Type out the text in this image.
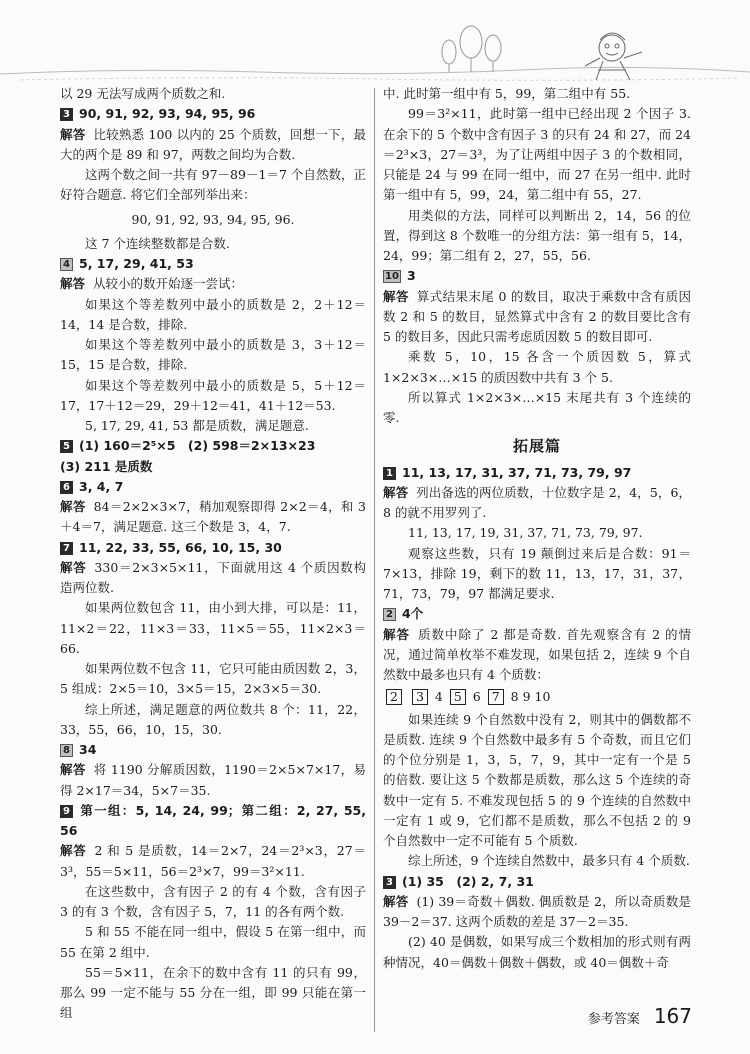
以 29 无法写成两个质数之和.

3 90, 91, 92, 93, 94, 95, 96

解答 比较熟悉 100 以内的 25 个质数，回想一下，最大的两个是 89 和 97，两数之间均为合数.

这两个数之间一共有 97－89－1＝7 个自然数，正好符合题意. 将它们全部列举出来：

90, 91, 92, 93, 94, 95, 96.

这 7 个连续整数都是合数.

4 5, 17, 29, 41, 53

解答 从较小的数开始逐一尝试：

如果这个等差数列中最小的质数是 2，2＋12＝14，14 是合数，排除.

如果这个等差数列中最小的质数是 3，3＋12＝15，15 是合数，排除.

如果这个等差数列中最小的质数是 5，5＋12＝17，17＋12＝29，29＋12＝41，41＋12＝53.

5, 17, 29, 41, 53 都是质数，满足题意.

5 (1) 160＝2⁵×5　(2) 598＝2×13×23

(3) 211 是质数

6 3, 4, 7

解答 84＝2×2×3×7，稍加观察即得 2×2＝4，和 3＋4＝7，满足题意. 这三个数是 3，4，7.

7 11, 22, 33, 55, 66, 10, 15, 30

解答 330＝2×3×5×11，下面就用这 4 个质因数构造两位数.

如果两位数包含 11，由小到大排，可以是：11，11×2＝22，11×3＝33，11×5＝55，11×2×3＝66.

如果两位数不包含 11，它只可能由质因数 2，3，5 组成：2×5＝10，3×5＝15，2×3×5＝30.

综上所述，满足题意的两位数共 8 个：11，22，33，55，66，10，15，30.

8 34

解答 将 1190 分解质因数，1190＝2×5×7×17，易得 2×17＝34，5×7＝35.

9 第一组：5, 14, 24, 99；第二组：2, 27, 55, 56

解答 2 和 5 是质数，14＝2×7，24＝2³×3，27＝3³，55＝5×11，56＝2³×7，99＝3²×11.

在这些数中，含有因子 2 的有 4 个数，含有因子 3 的有 3 个数，含有因子 5，7，11 的各有两个数.

5 和 55 不能在同一组中，假设 5 在第一组中，而 55 在第 2 组中.

55＝5×11，在余下的数中含有 11 的只有 99，那么 99 一定不能与 55 分在一组，即 99 只能在第一组

中. 此时第一组中有 5，99，第二组中有 55.

99＝3²×11，此时第一组中已经出现 2 个因子 3. 在余下的 5 个数中含有因子 3 的只有 24 和 27，而 24＝2³×3，27＝3³，为了让两组中因子 3 的个数相同，只能是 24 与 99 在同一组中，而 27 在另一组中. 此时第一组中有 5，99，24，第二组中有 55，27.

用类似的方法，同样可以判断出 2，14，56 的位置，得到这 8 个数唯一的分组方法：第一组有 5，14，24，99；第二组有 2，27，55，56.

10 3

解答 算式结果末尾 0 的数目，取决于乘数中含有质因数 2 和 5 的数目，显然算式中含有 2 的数目要比含有 5 的数目多，因此只需考虑质因数 5 的数目即可.

乘数 5，10，15 各含一个质因数 5，算式 1×2×3×…×15 的质因数中共有 3 个 5.

所以算式 1×2×3×…×15 末尾共有 3 个连续的零.

拓展篇

1 11, 13, 17, 31, 37, 71, 73, 79, 97

解答 列出备选的两位质数，十位数字是 2，4，5，6，8 的就不用罗列了.

11, 13, 17, 19, 31, 37, 71, 73, 79, 97.

观察这些数，只有 19 颠倒过来后是合数：91＝7×13，排除 19，剩下的数 11，13，17，31，37，71，73，79，97 都满足要求.

2 4个

解答 质数中除了 2 都是奇数. 首先观察含有 2 的情况，通过简单枚举不难发现，如果包括 2，连续 9 个自然数中最多也只有 4 个质数：

2 3 4 5 6 7 8 9 10

如果连续 9 个自然数中没有 2，则其中的偶数都不是质数. 连续 9 个自然数中最多有 5 个奇数，而且它们的个位分别是 1，3，5，7，9，其中一定有一个是 5 的倍数. 要让这 5 个数都是质数，那么这 5 个连续的奇数中一定有 5. 不难发现包括 5 的 9 个连续的自然数中一定有 1 或 9，它们都不是质数，那么不包括 2 的 9 个自然数中一定不可能有 5 个质数.

综上所述，9 个连续自然数中，最多只有 4 个质数.

3 (1) 35　(2) 2, 7, 31

解答 (1) 39＝奇数＋偶数. 偶质数是 2，所以奇质数是 39－2＝37. 这两个质数的差是 37－2＝35.

(2) 40 是偶数，如果写成三个数相加的形式则有两种情况，40＝偶数＋偶数＋偶数，或 40＝偶数＋奇

参考答案 167
